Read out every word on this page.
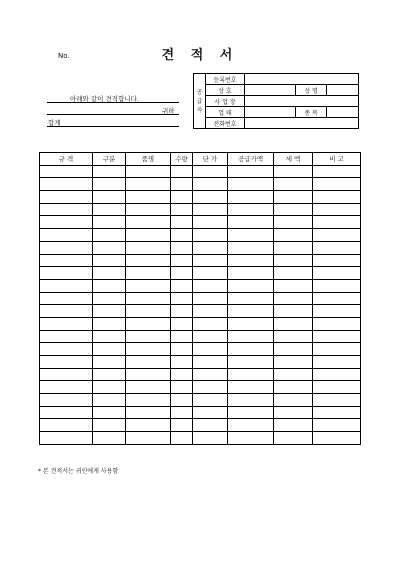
No.	견 적 서
아래와 같이 견적합니다.
귀하
합계
공
급
자	등록번호			
	상 호		성 명	
	사 업 장			
	업 태		종 목	
	전화번호			
규 격	구분	품명	수량	단 가	공급가액	세 액	비 고

* 본 견적서는 귀인에게 사용함
